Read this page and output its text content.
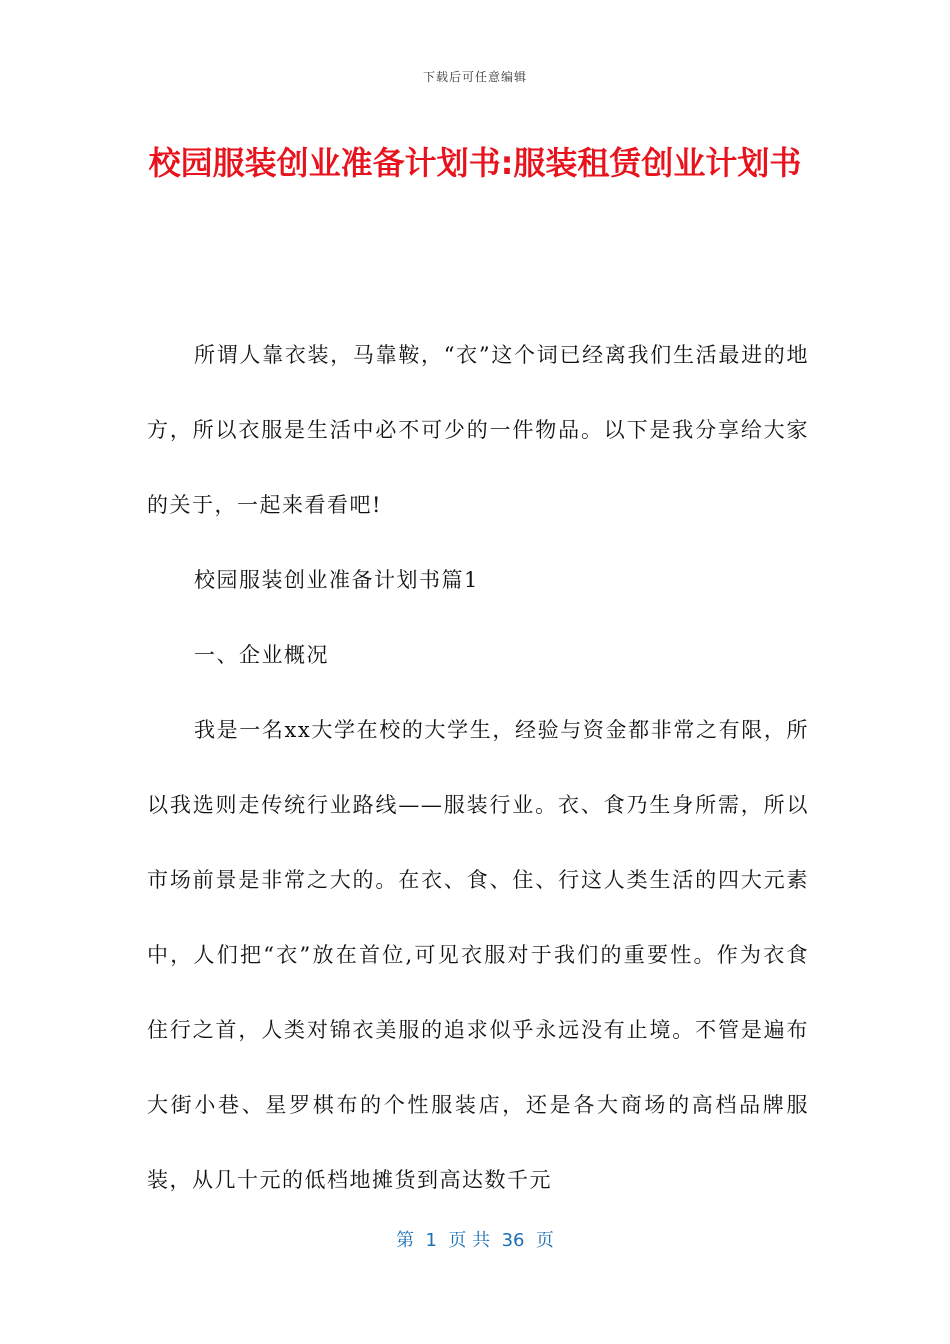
下载后可任意编辑
校园服装创业准备计划书:服装租赁创业计划书

所谓人靠衣装，马靠鞍，“衣”这个词已经离我们生活最进的地方，所以衣服是生活中必不可少的一件物品。以下是我分享给大家的关于，一起来看看吧!

校园服装创业准备计划书篇1

一、企业概况

我是一名xx大学在校的大学生，经验与资金都非常之有限，所以我选则走传统行业路线——服装行业。衣、食乃生身所需，所以市场前景是非常之大的。在衣、食、住、行这人类生活的四大元素中，人们把“衣”放在首位,可见衣服对于我们的重要性。作为衣食住行之首，人类对锦衣美服的追求似乎永远没有止境。不管是遍布大街小巷、星罗棋布的个性服装店，还是各大商场的高档品牌服装，从几十元的低档地摊货到高达数千元

第  1  页 共  36  页
